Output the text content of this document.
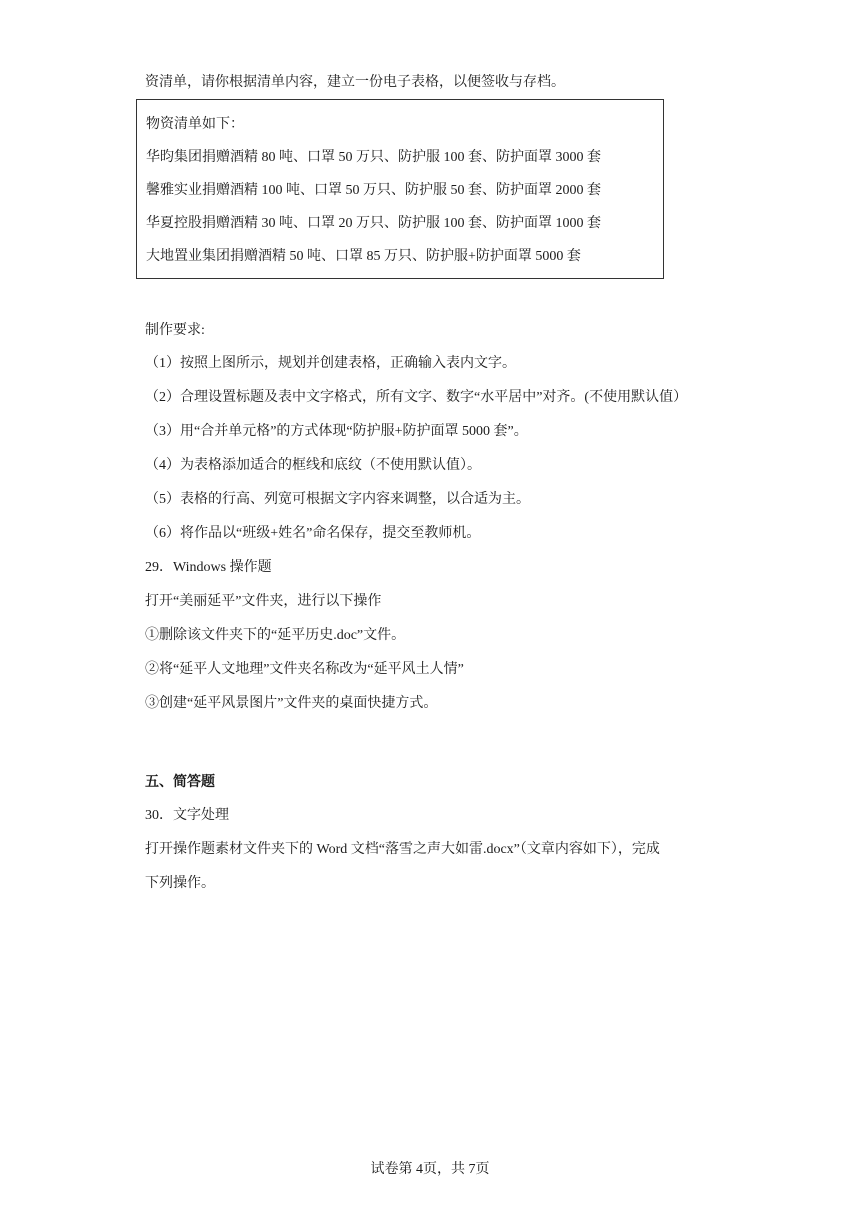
资清单，请你根据清单内容，建立一份电子表格，以便签收与存档。
物资清单如下：
华昀集团捐赠酒精 80 吨、口罩 50 万只、防护服 100 套、防护面罩 3000 套
馨雅实业捐赠酒精 100 吨、口罩 50 万只、防护服 50 套、防护面罩 2000 套
华夏控股捐赠酒精 30 吨、口罩 20 万只、防护服 100 套、防护面罩 1000 套
大地置业集团捐赠酒精 50 吨、口罩 85 万只、防护服+防护面罩 5000 套
制作要求:
（1）按照上图所示，规划并创建表格，正确输入表内文字。
（2）合理设置标题及表中文字格式，所有文字、数字“水平居中”对齐。(不使用默认值）
（3）用“合并单元格”的方式体现“防护服+防护面罩 5000 套”。
（4）为表格添加适合的框线和底纹（不使用默认值）。
（5）表格的行高、列宽可根据文字内容来调整，以合适为主。
（6）将作品以“班级+姓名”命名保存，提交至教师机。
29．Windows 操作题
打开“美丽延平”文件夹，进行以下操作
①删除该文件夹下的“延平历史.doc”文件。
②将“延平人文地理”文件夹名称改为“延平风土人情”
③创建“延平风景图片”文件夹的桌面快捷方式。
五、简答题
30．文字处理
打开操作题素材文件夹下的 Word 文档“落雪之声大如雷.docx”（文章内容如下），完成
下列操作。
试卷第 4页，共 7页
